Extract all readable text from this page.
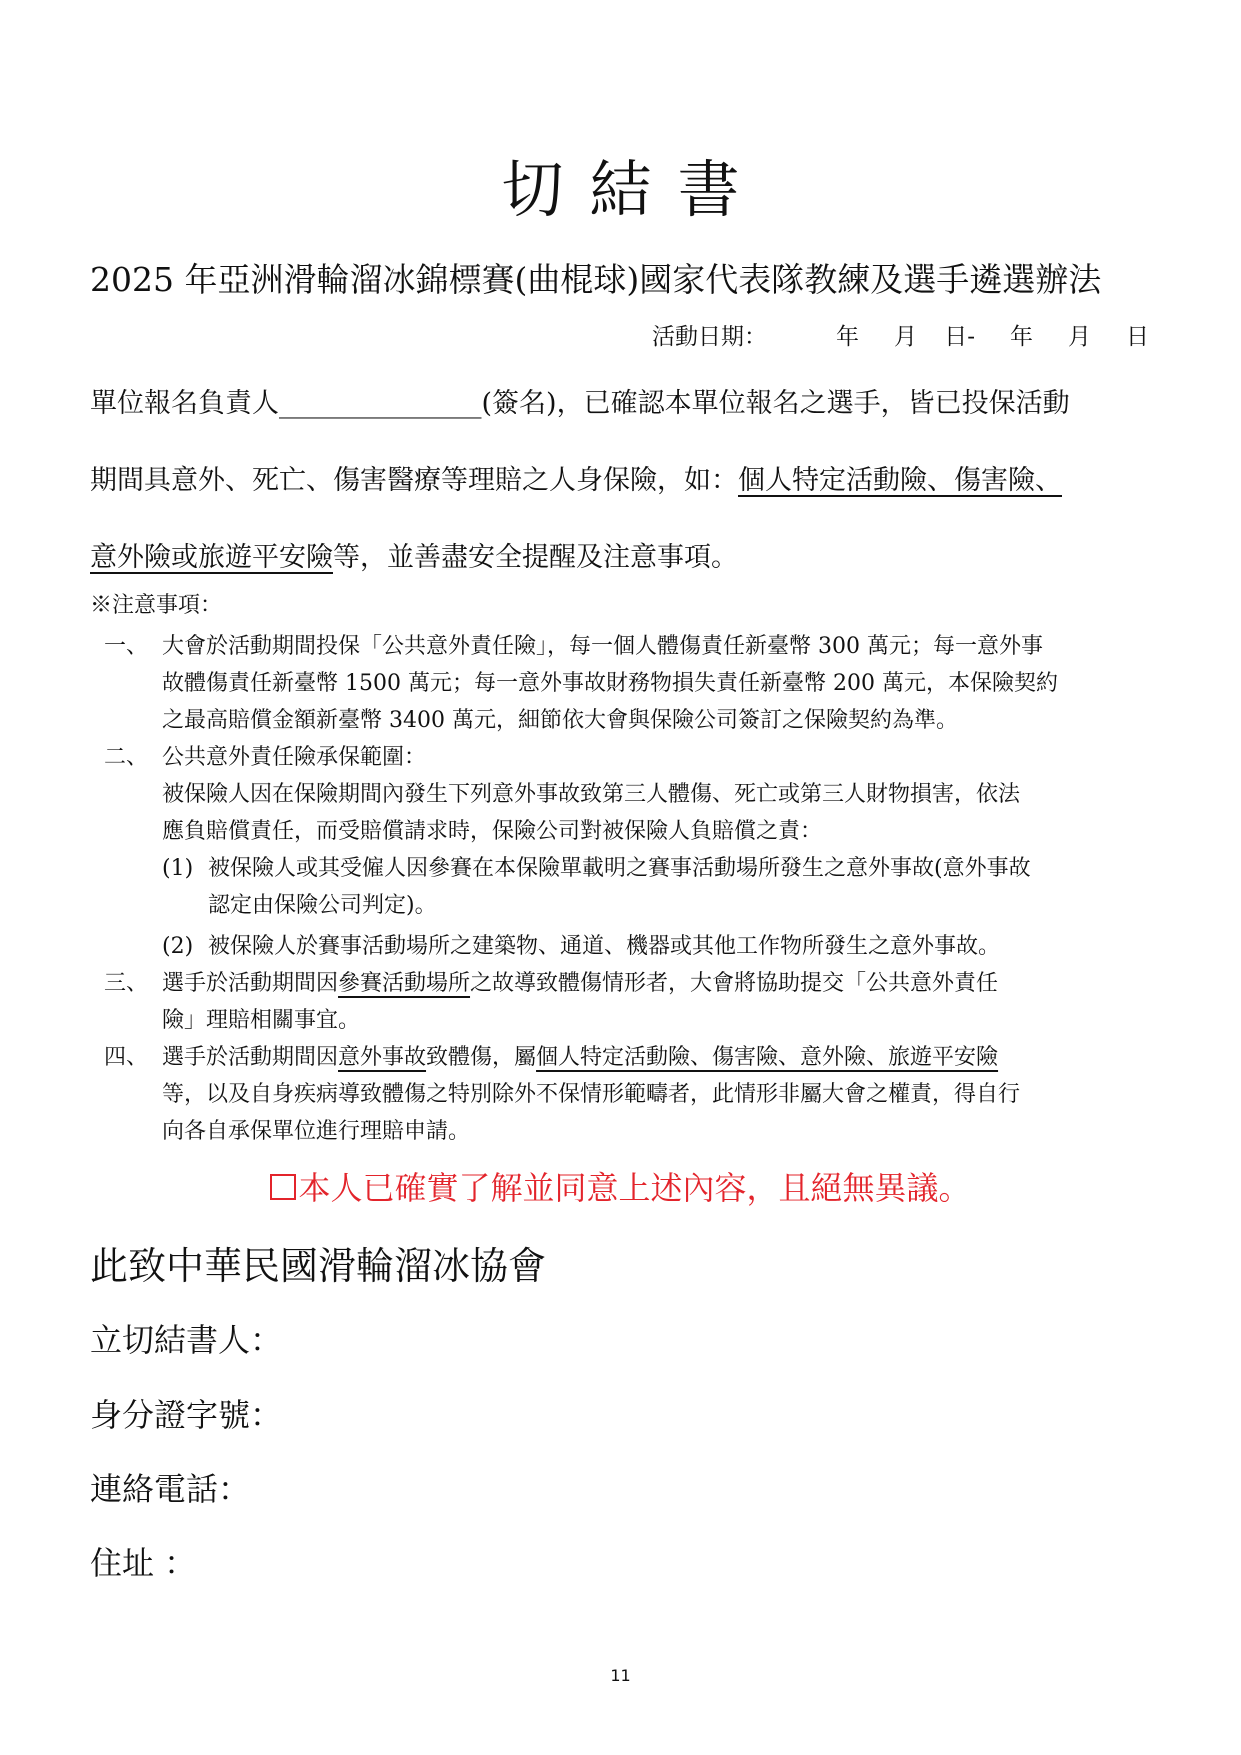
切結書
2025 年亞洲滑輪溜冰錦標賽(曲棍球)國家代表隊教練及選手遴選辦法
活動日期：	年 月 日- 年 月 日
單位報名負責人_______________(簽名)，已確認本單位報名之選手，皆已投保活動
期間具意外、死亡、傷害醫療等理賠之人身保險，如：個人特定活動險、傷害險、
意外險或旅遊平安險等，並善盡安全提醒及注意事項。
※注意事項：
一、 大會於活動期間投保「公共意外責任險」，每一個人體傷責任新臺幣 300 萬元；每一意外事
故體傷責任新臺幣 1500 萬元；每一意外事故財務物損失責任新臺幣 200 萬元，本保險契約
之最高賠償金額新臺幣 3400 萬元，細節依大會與保險公司簽訂之保險契約為準。
二、 公共意外責任險承保範圍：
被保險人因在保險期間內發生下列意外事故致第三人體傷、死亡或第三人財物損害，依法
應負賠償責任，而受賠償請求時，保險公司對被保險人負賠償之責：
(1) 被保險人或其受僱人因參賽在本保險單載明之賽事活動場所發生之意外事故(意外事故
認定由保險公司判定)。
(2) 被保險人於賽事活動場所之建築物、通道、機器或其他工作物所發生之意外事故。
三、 選手於活動期間因參賽活動場所之故導致體傷情形者，大會將協助提交「公共意外責任
險」理賠相關事宜。
四、 選手於活動期間因意外事故致體傷，屬個人特定活動險、傷害險、意外險、旅遊平安險
等，以及自身疾病導致體傷之特別除外不保情形範疇者，此情形非屬大會之權責，得自行
向各自承保單位進行理賠申請。
本人已確實了解並同意上述內容，且絕無異議。
此致中華民國滑輪溜冰協會
立切結書人：
身分證字號：
連絡電話：
住址 ：
11
